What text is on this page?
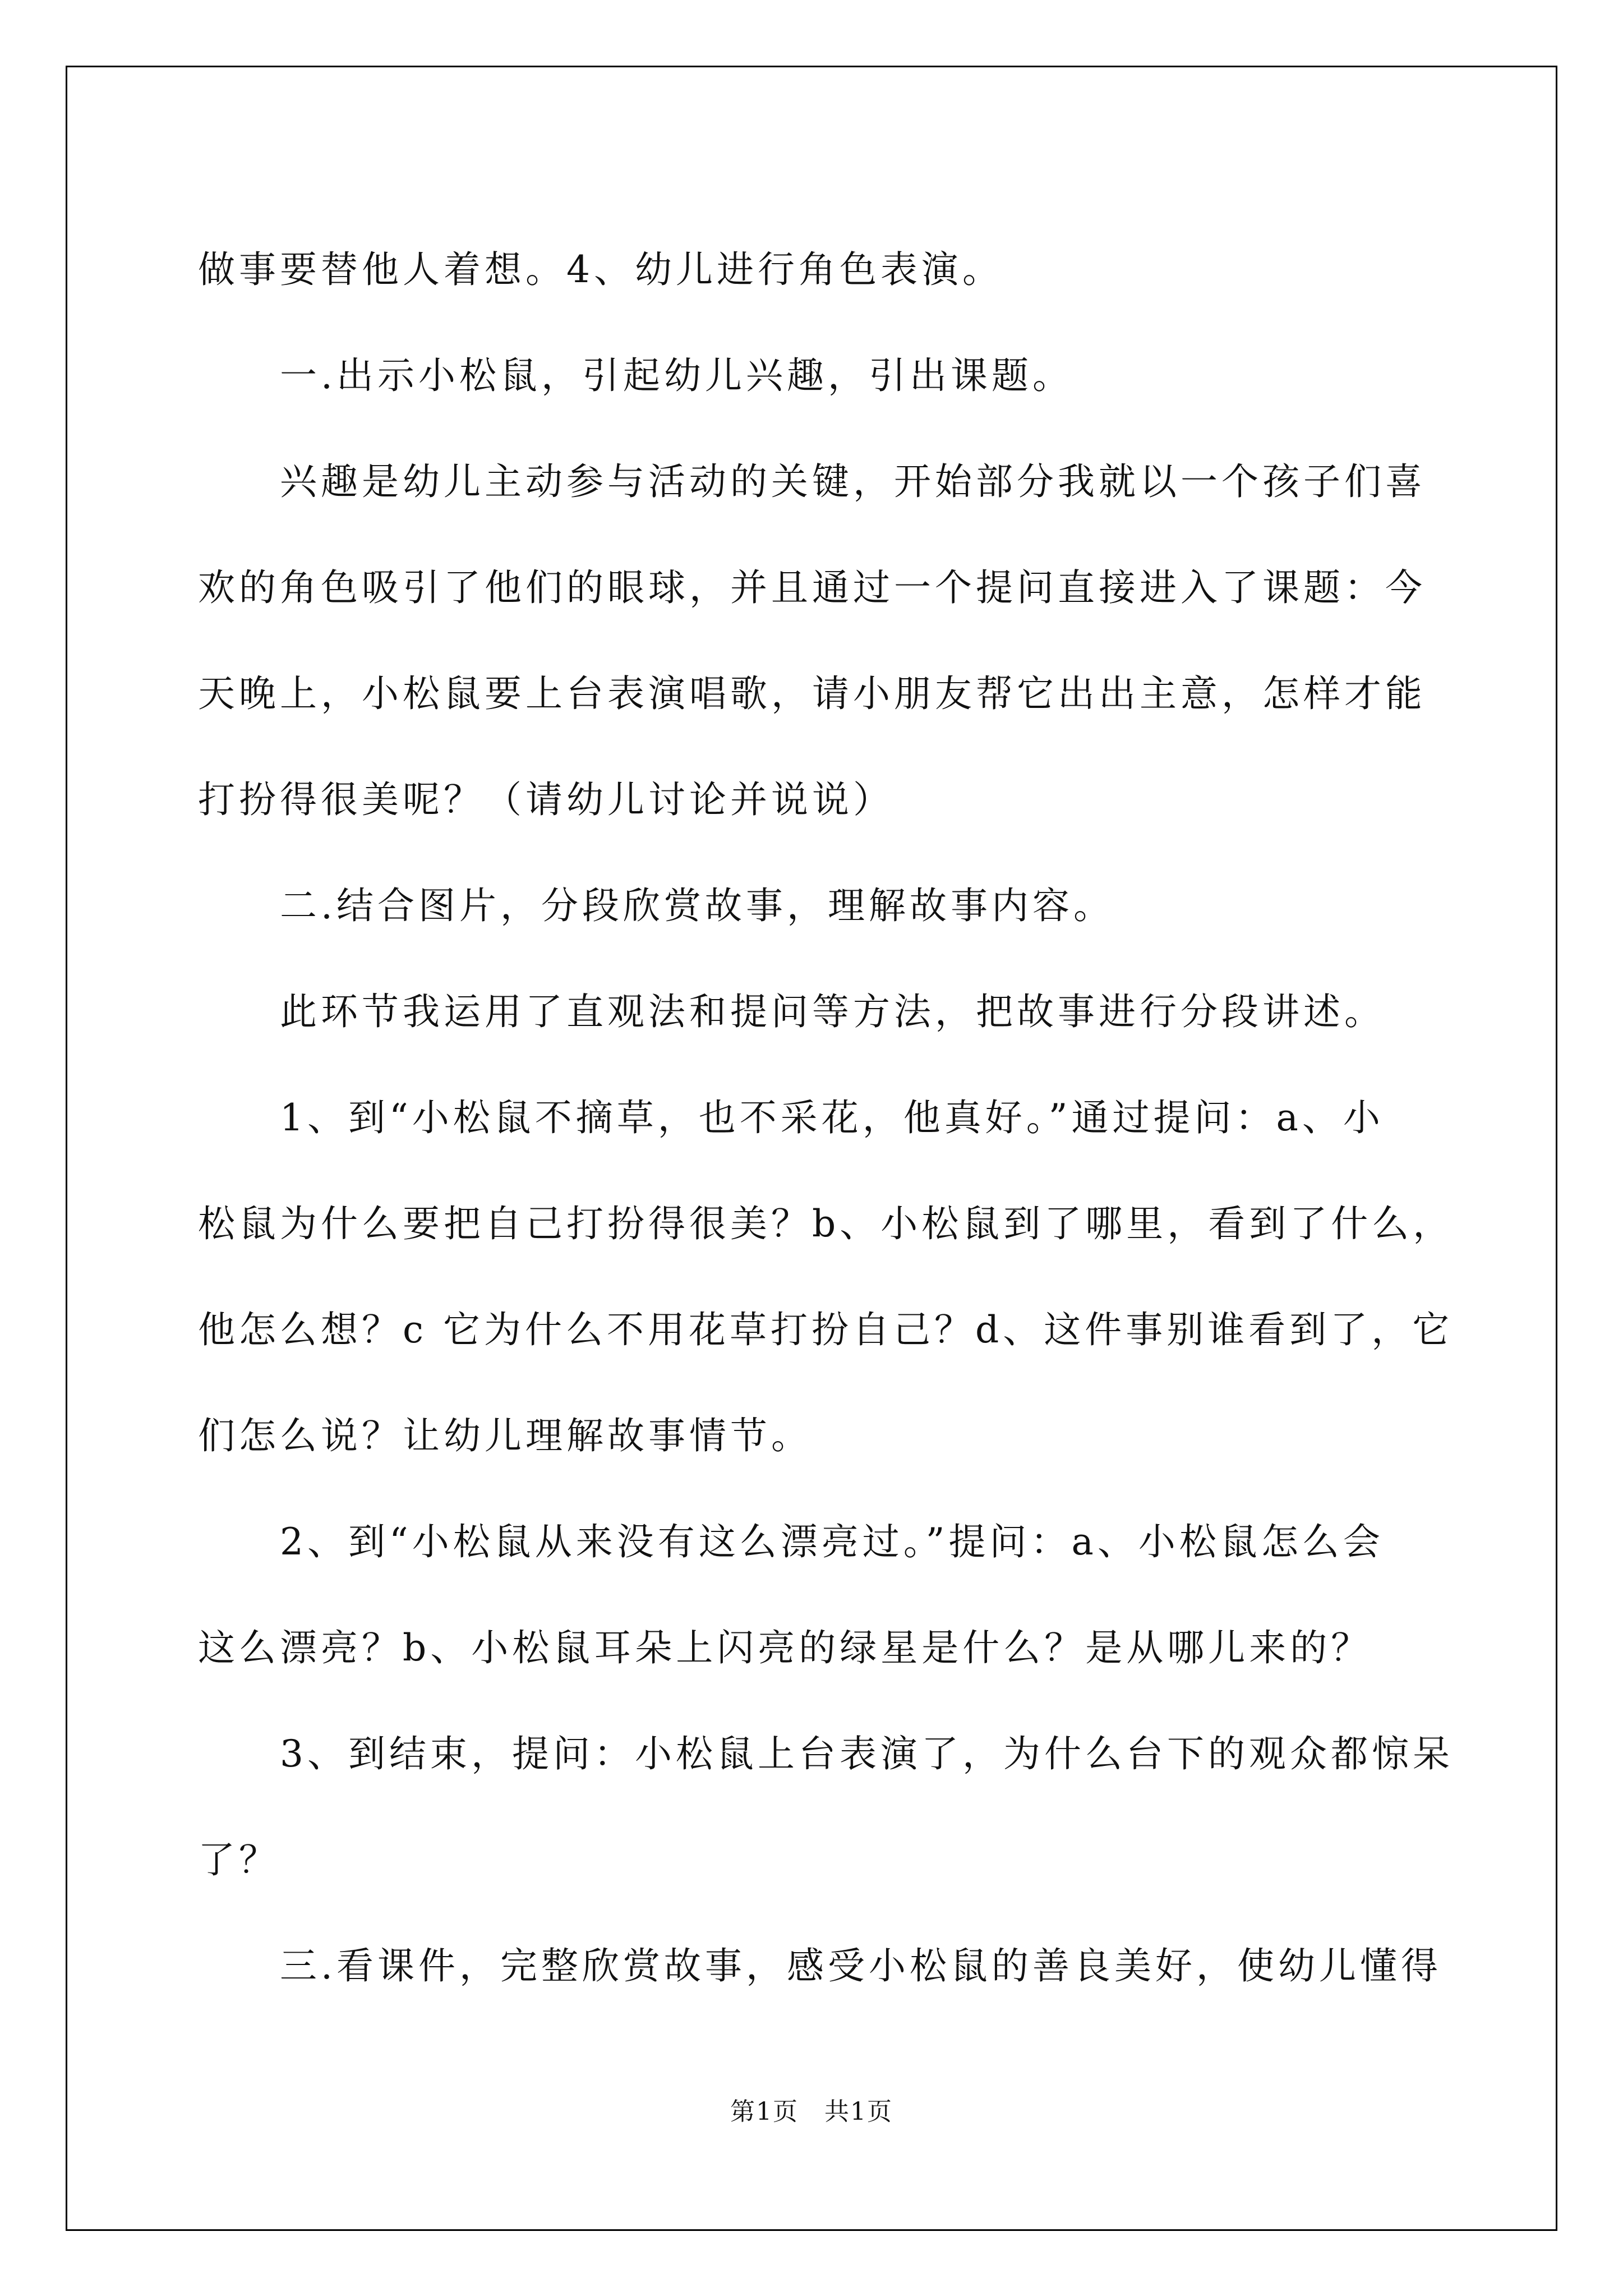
做事要替他人着想。4、幼儿进行角色表演。
一.出示小松鼠，引起幼儿兴趣，引出课题。
兴趣是幼儿主动参与活动的关键，开始部分我就以一个孩子们喜
欢的角色吸引了他们的眼球，并且通过一个提问直接进入了课题：今
天晚上，小松鼠要上台表演唱歌，请小朋友帮它出出主意，怎样才能
打扮得很美呢？（请幼儿讨论并说说）
二.结合图片，分段欣赏故事，理解故事内容。
此环节我运用了直观法和提问等方法，把故事进行分段讲述。
1、到“小松鼠不摘草，也不采花，他真好。”通过提问：a、小
松鼠为什么要把自己打扮得很美？b、小松鼠到了哪里，看到了什么，
他怎么想？c 它为什么不用花草打扮自己？d、这件事别谁看到了，它
们怎么说？让幼儿理解故事情节。
2、到“小松鼠从来没有这么漂亮过。”提问：a、小松鼠怎么会
这么漂亮？b、小松鼠耳朵上闪亮的绿星是什么？是从哪儿来的？
3、到结束，提问：小松鼠上台表演了，为什么台下的观众都惊呆
了？
三.看课件，完整欣赏故事，感受小松鼠的善良美好，使幼儿懂得
第1页 共1页
